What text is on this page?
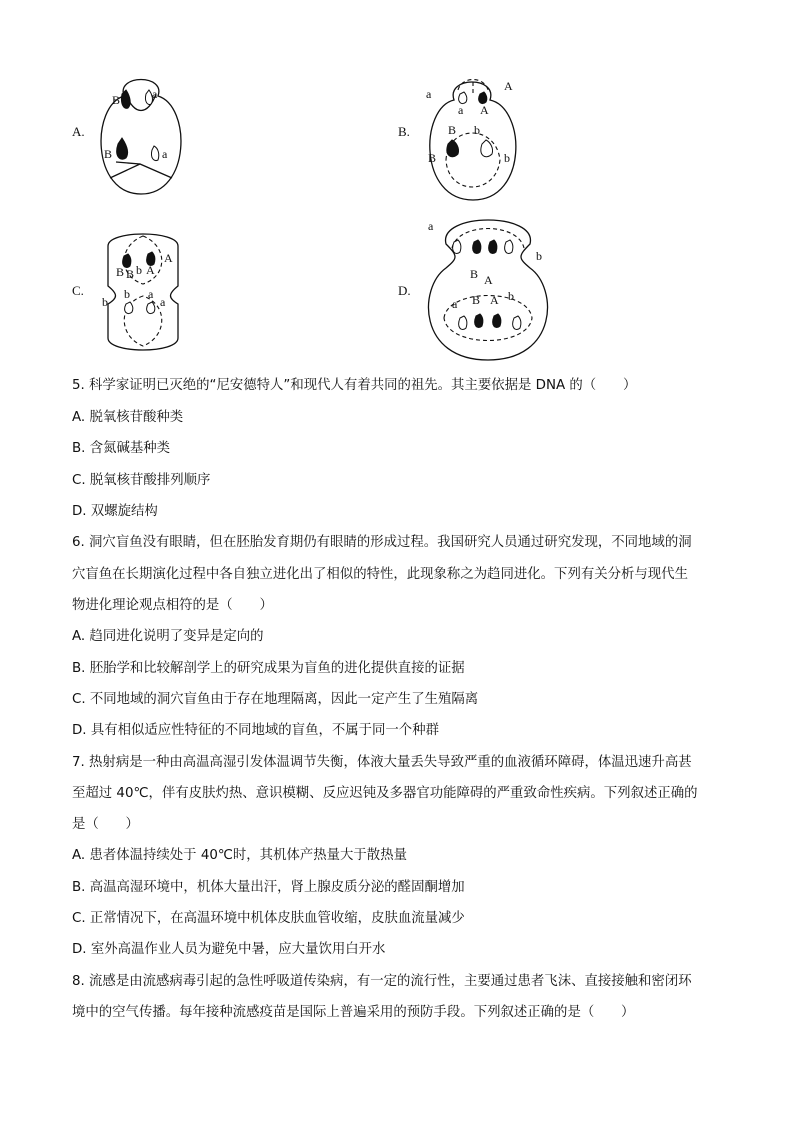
A.
B	a
B	a
B.
a
a
A
A
B b
B	b
C.
B B b A
A
b
b a
a
D.
a
b
B A
a B A b
5. 科学家证明已灭绝的“尼安德特人”和现代人有着共同的祖先。其主要依据是 DNA 的（　　）
A. 脱氧核苷酸种类
B. 含氮碱基种类
C. 脱氧核苷酸排列顺序
D. 双螺旋结构
6. 洞穴盲鱼没有眼睛，但在胚胎发育期仍有眼睛的形成过程。我国研究人员通过研究发现，不同地域的洞
穴盲鱼在长期演化过程中各自独立进化出了相似的特性，此现象称之为趋同进化。下列有关分析与现代生
物进化理论观点相符的是（　　）
A. 趋同进化说明了变异是定向的
B. 胚胎学和比较解剖学上的研究成果为盲鱼的进化提供直接的证据
C. 不同地域的洞穴盲鱼由于存在地理隔离，因此一定产生了生殖隔离
D. 具有相似适应性特征的不同地域的盲鱼，不属于同一个种群
7. 热射病是一种由高温高湿引发体温调节失衡，体液大量丢失导致严重的血液循环障碍，体温迅速升高甚
至超过 40℃，伴有皮肤灼热、意识模糊、反应迟钝及多器官功能障碍的严重致命性疾病。下列叙述正确的
是（　　）
A. 患者体温持续处于 40℃时，其机体产热量大于散热量
B. 高温高湿环境中，机体大量出汗，肾上腺皮质分泌的醛固酮增加
C. 正常情况下，在高温环境中机体皮肤血管收缩，皮肤血流量减少
D. 室外高温作业人员为避免中暑，应大量饮用白开水
8. 流感是由流感病毒引起的急性呼吸道传染病，有一定的流行性，主要通过患者飞沫、直接接触和密闭环
境中的空气传播。每年接种流感疫苗是国际上普遍采用的预防手段。下列叙述正确的是（　　）
